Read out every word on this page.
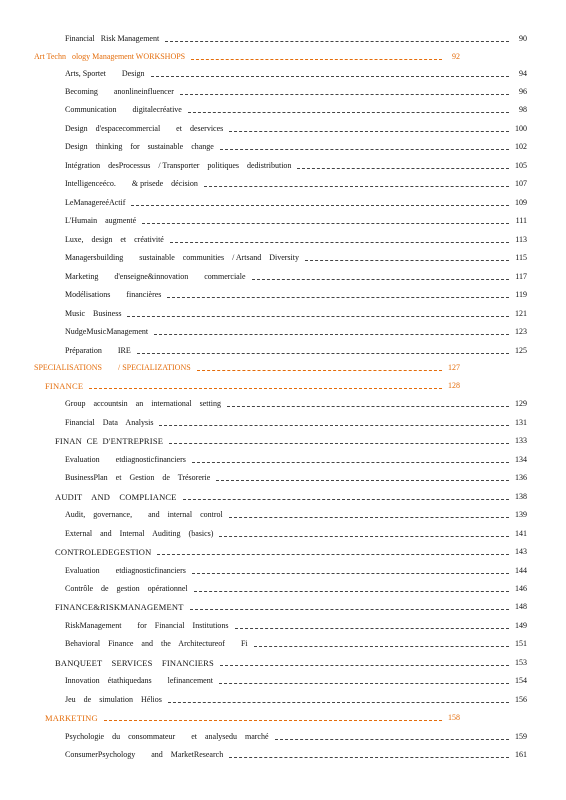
Financial   Risk Management	90
Art Techn   ology Management WORKSHOPS	92
Arts, Sportet        Design	94
Becoming        anonlineinfluencer	96
Communication        digitalecréative	98
Design    d'espacecommercial        et    deservices	100
Design    thinking    for    sustainable    change	102
Intégration    desProcessus    / Transporter    politiques    dedistribution	105
Intelligenceéco.        & prisede    décision	107
LeManagereéActif	109
L'Humain    augmenté	111
Luxe,    design    et    créativité	113
Managersbuilding        sustainable    communities    / Artsand    Diversity	115
Marketing        d'enseigne&innovation        commerciale	117
Modélisations        financières	119
Music    Business	121
NudgeMusicManagement	123
Préparation        IRE	125
SPECIALISATIONS        / SPECIALIZATIONS	127
FINANCE	128
Group    accountsin    an    international    setting	129
Financial    Data    Analysis	131
FINAN  CE  D'ENTREPRISE	133
Evaluation        etdiagnosticfinanciers	134
BusinessPlan    et    Gestion    de    Trésorerie	136
AUDIT    AND    COMPLIANCE	138
Audit,    governance,        and    internal    control	139
External    and    Internal    Auditing    (basics)	141
CONTROLEDEGESTION	143
Evaluation        etdiagnosticfinanciers	144
Contrôle    de    gestion    opérationnel	146
FINANCE&RISKMANAGEMENT	148
RiskManagement        for    Financial    Institutions	149
Behavioral    Finance    and    the    Architectureof        Fi	151
BANQUEET    SERVICES    FINANCIERS	153
Innovation    étathiquedans        lefinancement	154
Jeu    de    simulation    Hélios	156
MARKETING	158
Psychologie    du    consommateur        et    analysedu    marché	159
ConsumerPsychology        and    MarketResearch	161
